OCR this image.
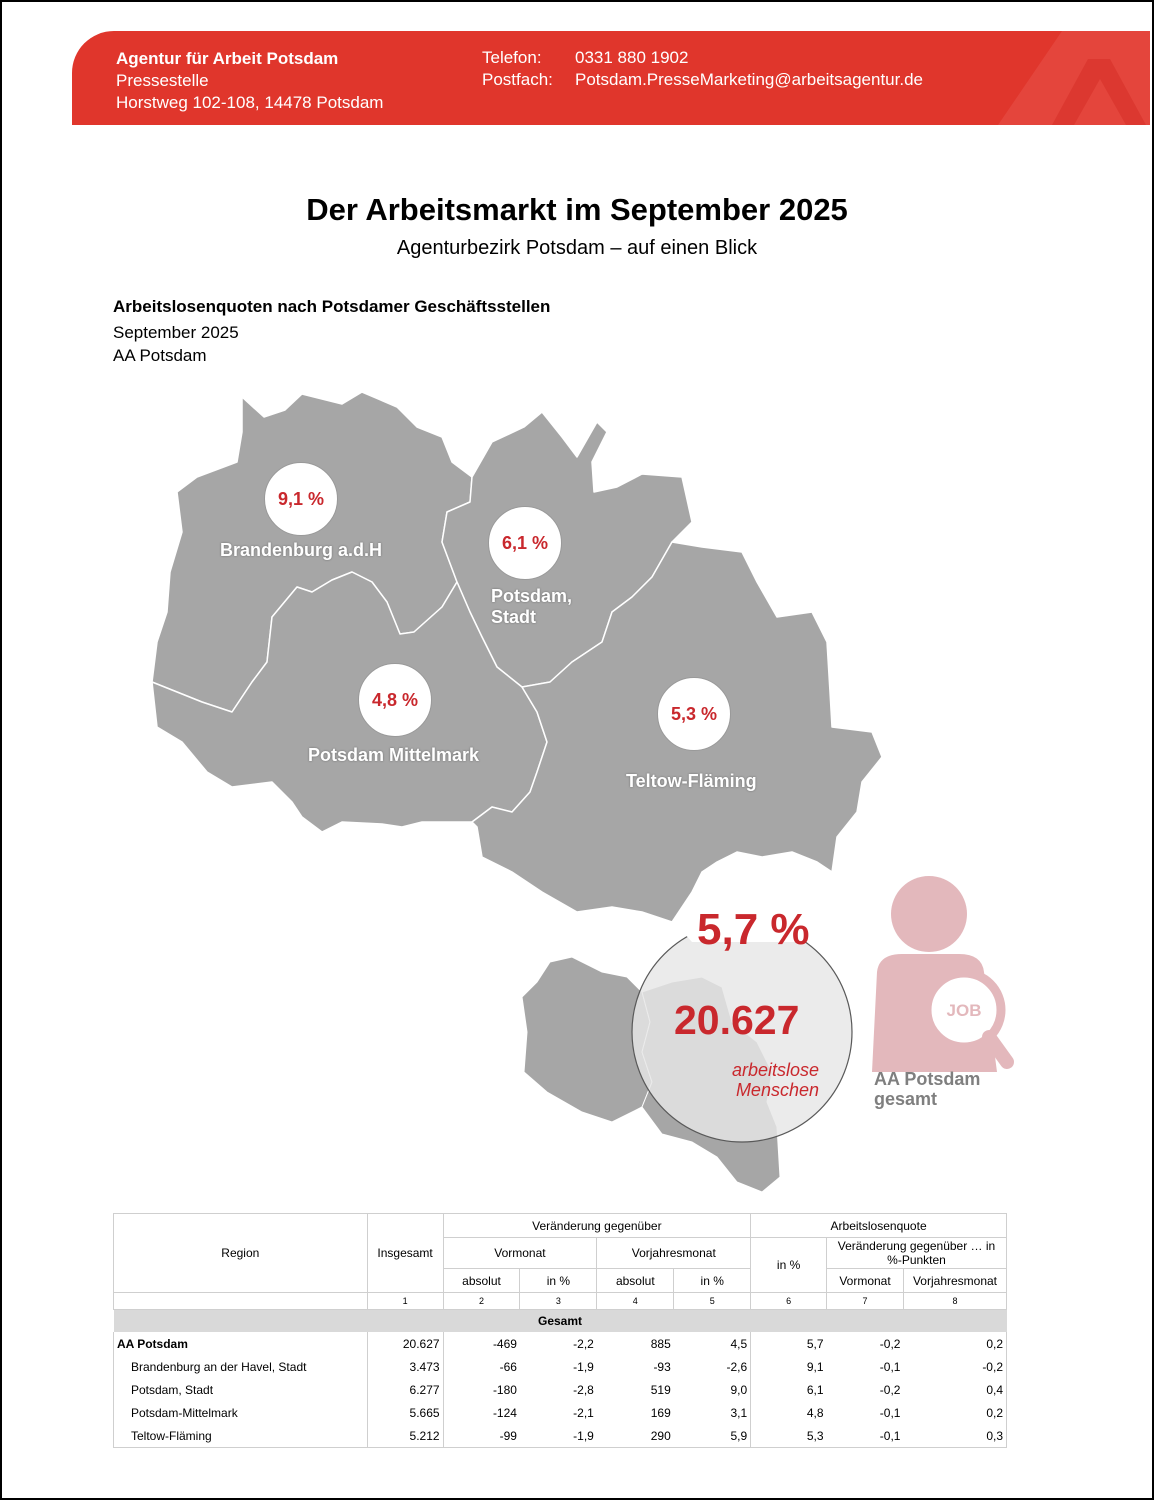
Agentur für Arbeit Potsdam
Pressestelle
Horstweg 102-108, 14478 Potsdam
Telefon:	0331 880 1902
Postfach:	Potsdam.PresseMarketing@arbeitsagentur.de
Der Arbeitsmarkt im September 2025
Agenturbezirk Potsdam – auf einen Blick
Arbeitslosenquoten nach Potsdamer Geschäftsstellen
September 2025
AA Potsdam
JOB
9,1 %
Brandenburg a.d.H	6,1 %
Potsdam,
Stadt
4,8 %
Potsdam Mittelmark
5,3 %
Teltow-Fläming
5,7 %
20.627
arbeitslose
Menschen
AA Potsdam
gesamt
Region	Insgesamt	Veränderung gegenüber				Arbeitslosenquote		
		Vormonat		Vorjahresmonat		in %	Veränderung gegenüber … in %-Punkten	
		absolut	in %	absolut	in %		Vormonat	Vorjahresmonat
	1	2	3	4	5	6	7	8
Gesamt								
AA Potsdam	20.627	-469	-2,2	885	4,5	5,7	-0,2	0,2
Brandenburg an der Havel, Stadt	3.473	-66	-1,9	-93	-2,6	9,1	-0,1	-0,2
Potsdam, Stadt	6.277	-180	-2,8	519	9,0	6,1	-0,2	0,4
Potsdam-Mittelmark	5.665	-124	-2,1	169	3,1	4,8	-0,1	0,2
Teltow-Fläming	5.212	-99	-1,9	290	5,9	5,3	-0,1	0,3
